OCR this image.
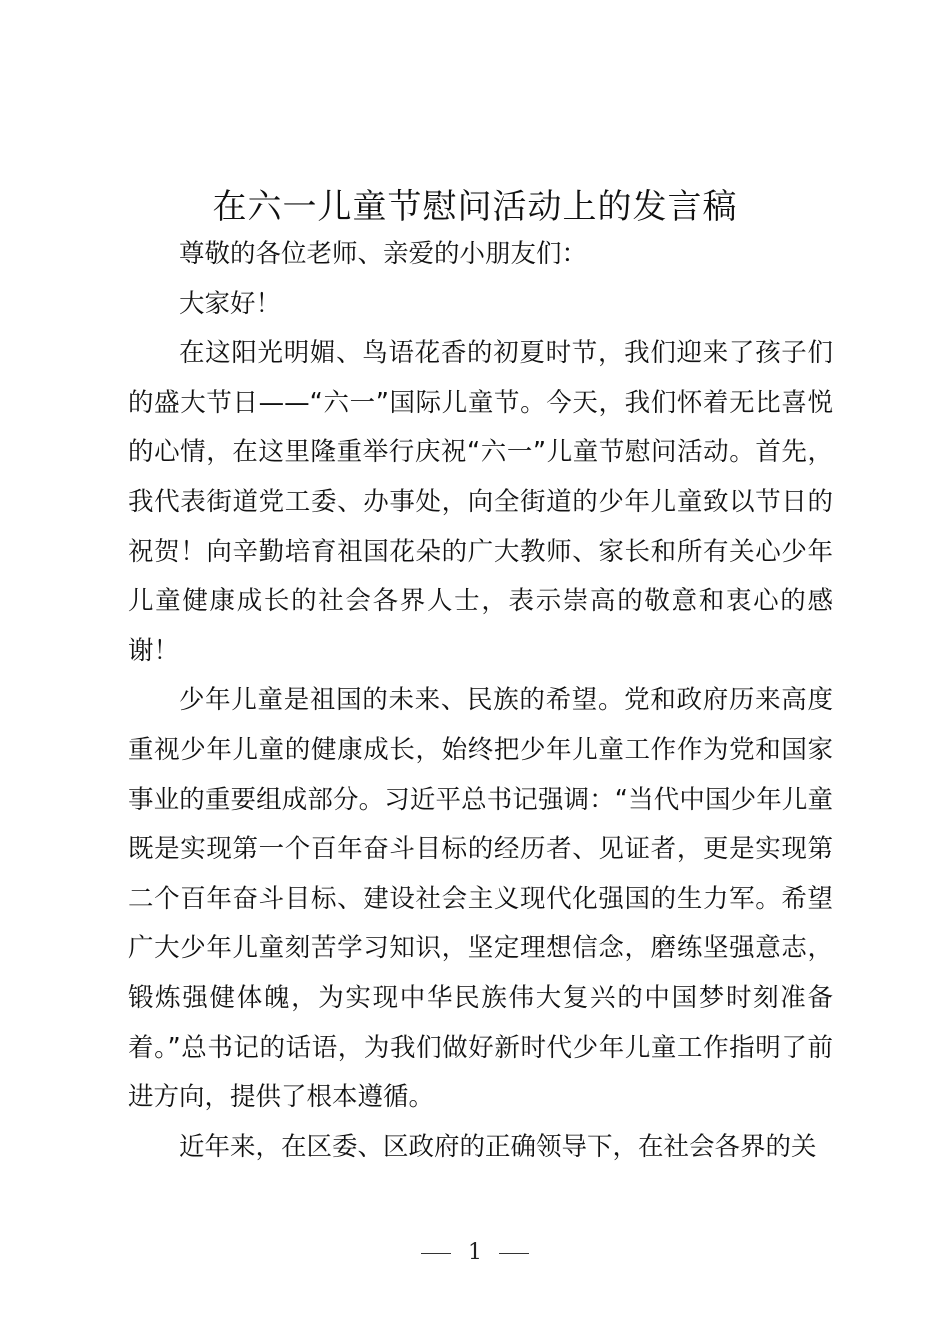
在六一儿童节慰问活动上的发言稿

尊敬的各位老师、亲爱的小朋友们：

大家好！

在这阳光明媚、鸟语花香的初夏时节，我们迎来了孩子们的盛大节日——“六一”国际儿童节。今天，我们怀着无比喜悦的心情，在这里隆重举行庆祝“六一”儿童节慰问活动。首先，我代表街道党工委、办事处，向全街道的少年儿童致以节日的祝贺！向辛勤培育祖国花朵的广大教师、家长和所有关心少年儿童健康成长的社会各界人士，表示崇高的敬意和衷心的感谢！

少年儿童是祖国的未来、民族的希望。党和政府历来高度重视少年儿童的健康成长，始终把少年儿童工作作为党和国家事业的重要组成部分。习近平总书记强调：“当代中国少年儿童既是实现第一个百年奋斗目标的经历者、见证者，更是实现第二个百年奋斗目标、建设社会主义现代化强国的生力军。希望广大少年儿童刻苦学习知识，坚定理想信念，磨练坚强意志，锻炼强健体魄，为实现中华民族伟大复兴的中国梦时刻准备着。”总书记的话语，为我们做好新时代少年儿童工作指明了前进方向，提供了根本遵循。

近年来，在区委、区政府的正确领导下，在社会各界的关

1
